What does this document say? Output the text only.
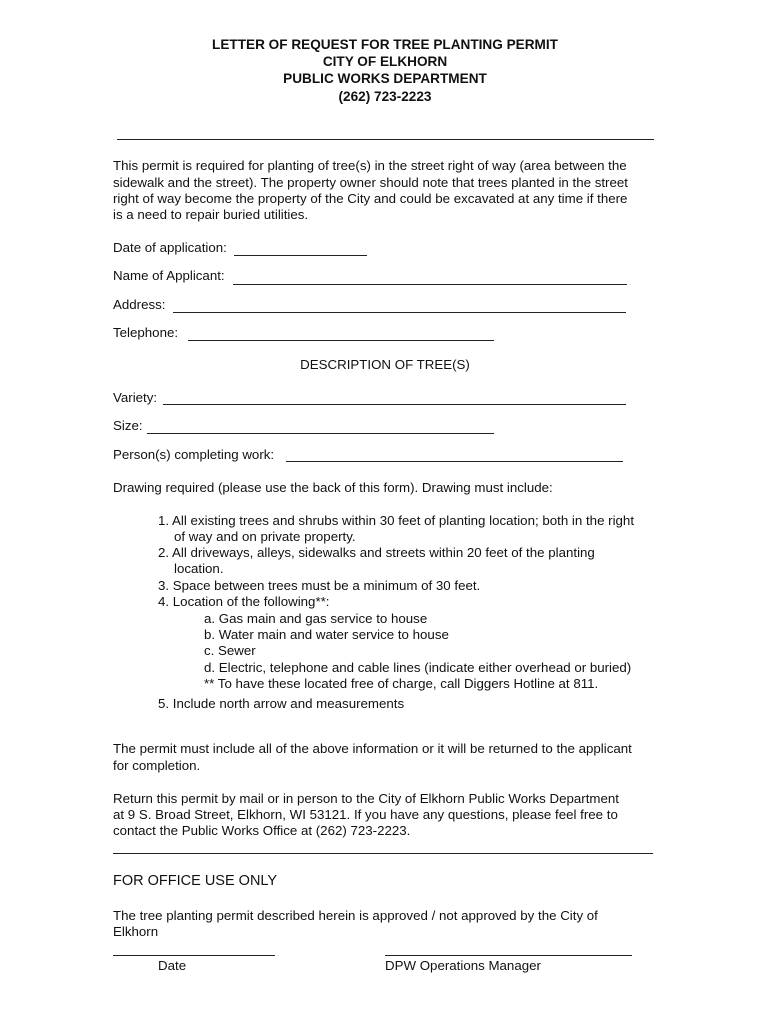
LETTER OF REQUEST FOR TREE PLANTING PERMIT
CITY OF ELKHORN
PUBLIC WORKS DEPARTMENT
(262) 723-2223
This permit is required for planting of tree(s) in the street right of way (area between the
sidewalk and the street). The property owner should note that trees planted in the street
right of way become the property of the City and could be excavated at any time if there
is a need to repair buried utilities.
Date of application:
Name of Applicant:
Address:
Telephone:
DESCRIPTION OF TREE(S)
Variety:
Size:
Person(s) completing work:
Drawing required (please use the back of this form). Drawing must include:
1. All existing trees and shrubs within 30 feet of planting location; both in the right
of way and on private property.
2. All driveways, alleys, sidewalks and streets within 20 feet of the planting
location.
3. Space between trees must be a minimum of 30 feet.
4. Location of the following**:
a. Gas main and gas service to house
b. Water main and water service to house
c. Sewer
d. Electric, telephone and cable lines (indicate either overhead or buried)
** To have these located free of charge, call Diggers Hotline at 811.
5. Include north arrow and measurements
The permit must include all of the above information or it will be returned to the applicant
for completion.
Return this permit by mail or in person to the City of Elkhorn Public Works Department
at 9 S. Broad Street, Elkhorn, WI 53121. If you have any questions, please feel free to
contact the Public Works Office at (262) 723-2223.
FOR OFFICE USE ONLY
The tree planting permit described herein is approved / not approved by the City of
Elkhorn
Date	DPW Operations Manager
